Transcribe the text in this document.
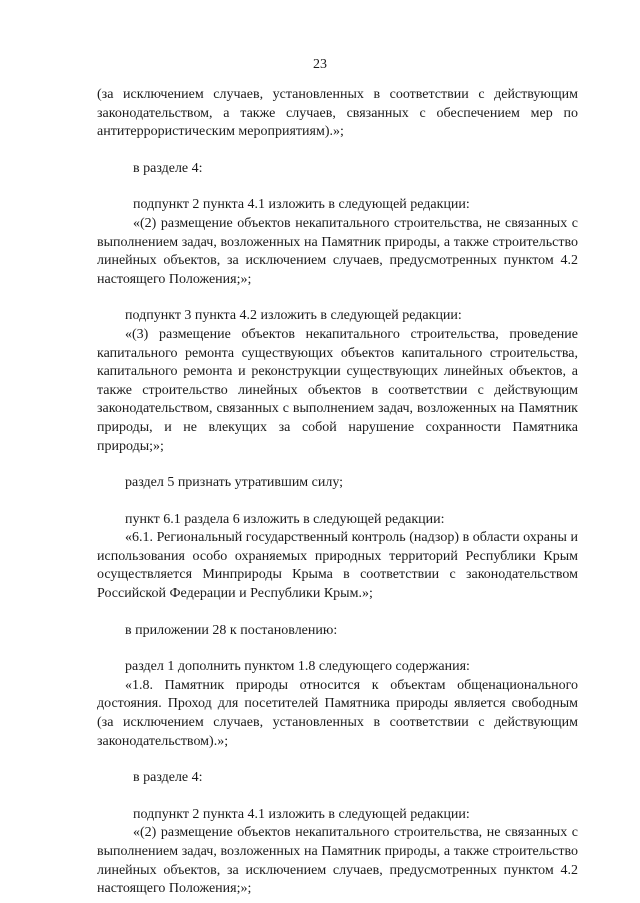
23

(за исключением случаев, установленных в соответствии с действующим законодательством, а также случаев, связанных с обеспечением мер по антитеррористическим мероприятиям).»;

в разделе 4:

подпункт 2 пункта 4.1 изложить в следующей редакции:

«(2) размещение объектов некапитального строительства, не связанных с выполнением задач, возложенных на Памятник природы, а также строительство линейных объектов, за исключением случаев, предусмотренных пунктом 4.2 настоящего Положения;»;

подпункт 3 пункта 4.2 изложить в следующей редакции:

«(3) размещение объектов некапитального строительства, проведение капитального ремонта существующих объектов капитального строительства, капитального ремонта и реконструкции существующих линейных объектов, а также строительство линейных объектов в соответствии с действующим законодательством, связанных с выполнением задач, возложенных на Памятник природы, и не влекущих за собой нарушение сохранности Памятника природы;»;

раздел 5 признать утратившим силу;

пункт 6.1 раздела 6 изложить в следующей редакции:

«6.1. Региональный государственный контроль (надзор) в области охраны и использования особо охраняемых природных территорий Республики Крым осуществляется Минприроды Крыма в соответствии с законодательством Российской Федерации и Республики Крым.»;

в приложении 28 к постановлению:

раздел 1 дополнить пунктом 1.8 следующего содержания:

«1.8. Памятник природы относится к объектам общенационального достояния. Проход для посетителей Памятника природы является свободным (за исключением случаев, установленных в соответствии с действующим законодательством).»;

в разделе 4:

подпункт 2 пункта 4.1 изложить в следующей редакции:

«(2) размещение объектов некапитального строительства, не связанных с выполнением задач, возложенных на Памятник природы, а также строительство линейных объектов, за исключением случаев, предусмотренных пунктом 4.2 настоящего Положения;»;
